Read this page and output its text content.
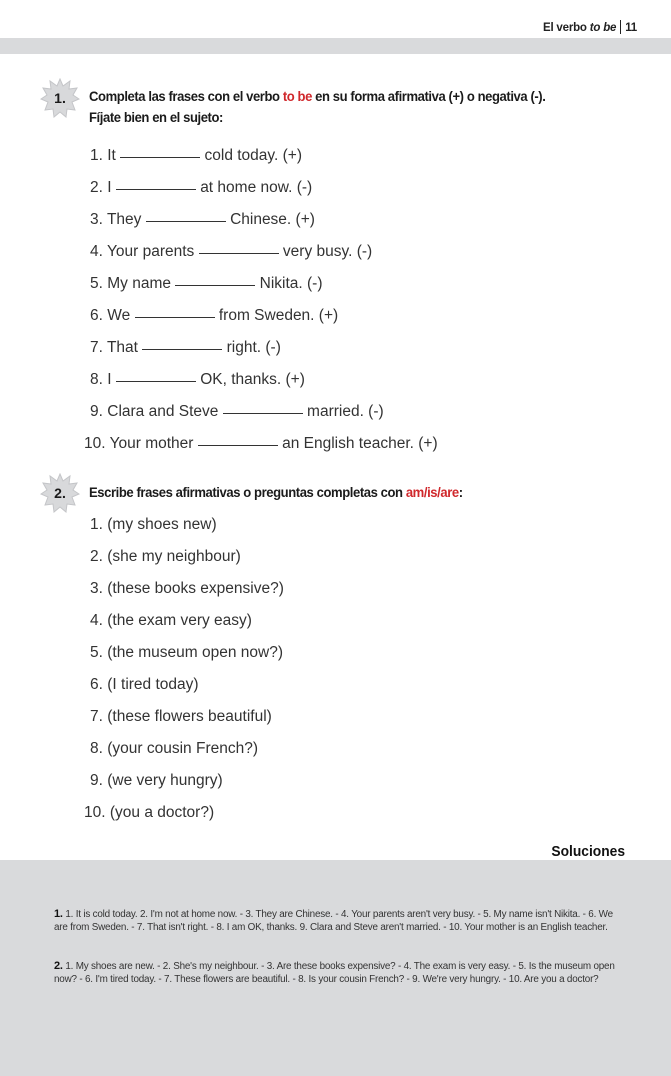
El verbo to be 11
1.	Completa las frases con el verbo to be en su forma afirmativa (+) o negativa (-).
Fíjate bien en el sujeto:
1. It	cold today. (+)
2. I	at home now. (-)
3. They	Chinese. (+)
4. Your parents	very busy. (-)
5. My name	Nikita. (-)
6. We	from Sweden. (+)
7. That	right. (-)
8. I	OK, thanks. (+)
9. Clara and Steve	married. (-)
10. Your mother	an English teacher. (+)
2.	Escribe frases afirmativas o preguntas completas con am/is/are:
1. (my shoes new)
2. (she my neighbour)
3. (these books expensive?)
4. (the exam very easy)
5. (the museum open now?)
6. (I tired today)
7. (these flowers beautiful)
8. (your cousin French?)
9. (we very hungry)
10. (you a doctor?)
Soluciones
1. 1. It is cold today. 2. I'm not at home now. - 3. They are Chinese. - 4. Your parents aren't very busy. - 5. My name isn't Nikita. - 6. We are from Sweden. - 7. That isn't right. - 8. I am OK, thanks. 9. Clara and Steve aren't married. - 10. Your mother is an English teacher.
2. 1. My shoes are new. - 2. She's my neighbour. - 3. Are these books expensive? - 4. The exam is very easy. - 5. Is the museum open now? - 6. I'm tired today. - 7. These flowers are beautiful. - 8. Is your cousin French? - 9. We're very hungry. - 10. Are you a doctor?
